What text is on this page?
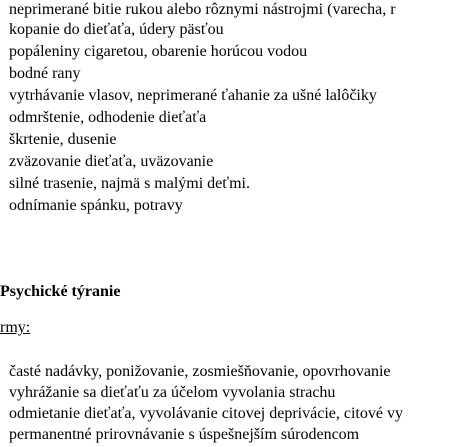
neprimerané bitie rukou alebo rôznymi nástrojmi (varecha, r
kopanie do dieťaťa, údery päsťou
popáleniny cigaretou, obarenie horúcou vodou
bodné rany
vytrhávanie vlasov, neprimerané ťahanie za ušné lalôčiky
odmrštenie, odhodenie dieťaťa
škrtenie, dusenie
zväzovanie dieťaťa, uväzovanie
silné trasenie, najmä s malými deťmi.
odnímanie spánku, potravy
Psychické týranie
rmy:
časté nadávky, ponižovanie, zosmiešňovanie, opovrhovanie
vyhrážanie sa dieťaťu za účelom vyvolania strachu
odmietanie dieťaťa, vyvolávanie citovej deprivácie, citové vy
permanentné prirovnávanie s úspešnejším súrodencom
